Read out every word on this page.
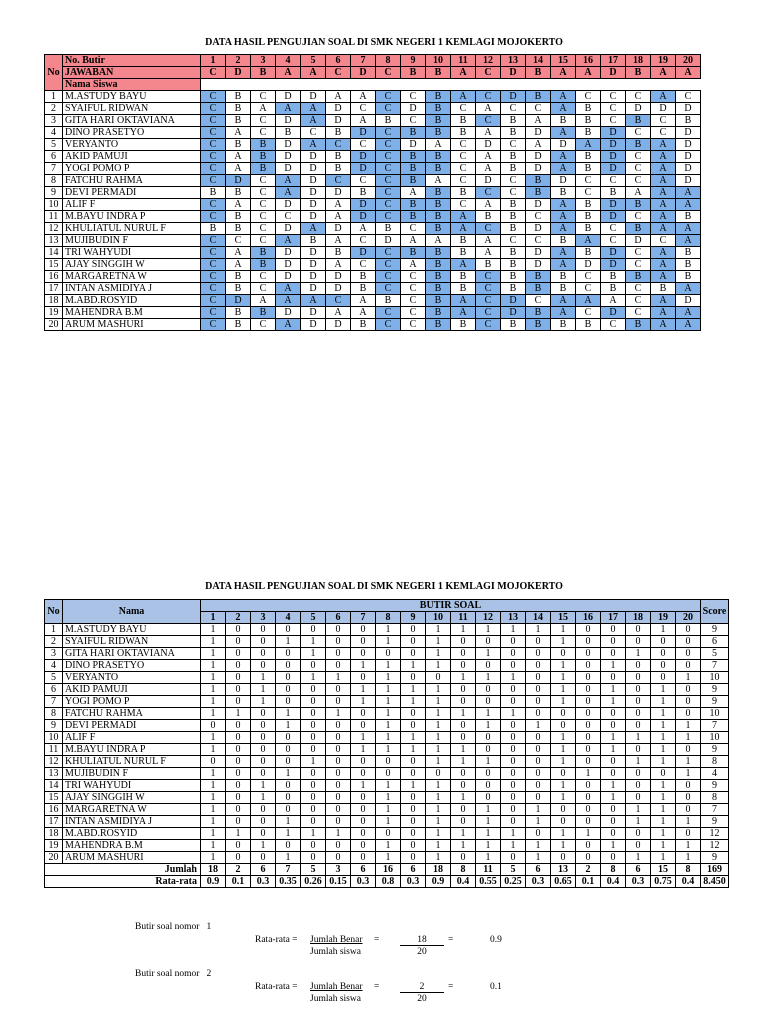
DATA HASIL PENGUJIAN SOAL DI SMK NEGERI 1 KEMLAGI MOJOKERTO
No	No. Butir	1	2	3	4	5	6	7	8	9	10	11	12	13	14	15	16	17	18	19	20
	JAWABAN	C	D	B	A	A	C	D	C	B	B	A	C	D	B	A	A	D	B	A	A
	Nama Siswa																				
1	M.ASTUDY BAYU	C	B	C	D	D	A	A	C	C	B	A	C	D	B	A	C	C	C	A	C
2	SYAIFUL RIDWAN	C	B	A	A	A	D	C	C	D	B	C	A	C	C	A	B	C	D	D	D
3	GITA HARI OKTAVIANA	C	B	C	D	A	D	A	B	C	B	B	C	B	A	B	B	C	B	C	B
4	DINO PRASETYO	C	A	C	B	C	B	D	C	B	B	B	A	B	D	A	B	D	C	C	D
5	VERYANTO	C	B	B	D	A	C	C	C	D	A	C	D	C	A	D	A	D	B	A	D
6	AKID PAMUJI	C	A	B	D	D	B	D	C	B	B	C	A	B	D	A	B	D	C	A	D
7	YOGI POMO P	C	A	B	D	D	B	D	C	B	B	C	A	B	D	A	B	D	C	A	D
8	FATCHU RAHMA	C	D	C	A	D	C	C	C	B	A	C	D	C	B	D	C	C	C	A	D
9	DEVI PERMADI	B	B	C	A	D	D	B	C	A	B	B	C	C	B	B	C	B	A	A	A
10	ALIF F	C	A	C	D	D	A	D	C	B	B	C	A	B	D	A	B	D	B	A	A
11	M.BAYU INDRA P	C	B	C	C	D	A	D	C	B	B	A	B	B	C	A	B	D	C	A	B
12	KHULIATUL NURUL F	B	B	C	D	A	D	A	B	C	B	A	C	B	D	A	B	C	B	A	A
13	MUJIBUDIN F	C	C	C	A	B	A	C	D	A	A	B	A	C	C	B	A	C	D	C	A
14	TRI WAHYUDI	C	A	B	D	D	B	D	C	B	B	B	A	B	D	A	B	D	C	A	B
15	AJAY SINGGIH W	C	A	B	D	D	A	C	C	A	B	A	B	B	D	A	D	D	C	A	B
16	MARGARETNA W	C	B	C	D	D	D	B	C	C	B	B	C	B	B	B	C	B	B	A	B
17	INTAN ASMIDIYA J	C	B	C	A	D	D	B	C	C	B	B	C	B	B	B	C	B	C	B	A
18	M.ABD.ROSYID	C	D	A	A	A	C	A	B	C	B	A	C	D	C	A	A	A	C	A	D
19	MAHENDRA B.M	C	B	B	D	D	A	A	C	C	B	A	C	D	B	A	C	D	C	A	A
20	ARUM MASHURI	C	B	C	A	D	D	B	C	C	B	B	C	B	B	B	B	C	B	A	A
DATA HASIL PENGUJIAN SOAL DI SMK NEGERI 1 KEMLAGI MOJOKERTO
No	Nama	BUTIR SOAL																				Score
		1	2	3	4	5	6	7	8	9	10	11	12	13	14	15	16	17	18	19	20	
1	M.ASTUDY BAYU	1	0	0	0	0	0	0	1	0	1	1	1	1	1	1	0	0	0	1	0	9
2	SYAIFUL RIDWAN	1	0	0	1	1	0	0	1	0	1	0	0	0	0	1	0	0	0	0	0	6
3	GITA HARI OKTAVIANA	1	0	0	0	1	0	0	0	0	1	0	1	0	0	0	0	0	1	0	0	5
4	DINO PRASETYO	1	0	0	0	0	0	1	1	1	1	0	0	0	0	1	0	1	0	0	0	7
5	VERYANTO	1	0	1	0	1	1	0	1	0	0	1	1	1	0	1	0	0	0	0	1	10
6	AKID PAMUJI	1	0	1	0	0	0	1	1	1	1	0	0	0	0	1	0	1	0	1	0	9
7	YOGI POMO P	1	0	1	0	0	0	1	1	1	1	0	0	0	0	1	0	1	0	1	0	9
8	FATCHU RAHMA	1	1	0	1	0	1	0	1	0	1	1	1	1	0	0	0	0	0	1	0	10
9	DEVI PERMADI	0	0	0	1	0	0	0	1	0	1	0	1	0	1	0	0	0	0	1	1	7
10	ALIF F	1	0	0	0	0	0	1	1	1	1	0	0	0	0	1	0	1	1	1	1	10
11	M.BAYU INDRA P	1	0	0	0	0	0	1	1	1	1	1	0	0	0	1	0	1	0	1	0	9
12	KHULIATUL NURUL F	0	0	0	0	1	0	0	0	0	1	1	1	0	0	1	0	0	1	1	1	8
13	MUJIBUDIN F	1	0	0	1	0	0	0	0	0	0	0	0	0	0	0	1	0	0	0	1	4
14	TRI WAHYUDI	1	0	1	0	0	0	1	1	1	1	0	0	0	0	1	0	1	0	1	0	9
15	AJAY SINGGIH W	1	0	1	0	0	0	0	1	0	1	1	0	0	0	1	0	1	0	1	0	8
16	MARGARETNA W	1	0	0	0	0	0	0	1	0	1	0	1	0	1	0	0	0	1	1	0	7
17	INTAN ASMIDIYA J	1	0	0	1	0	0	0	1	0	1	0	1	0	1	0	0	0	1	1	1	9
18	M.ABD.ROSYID	1	1	0	1	1	1	0	0	0	1	1	1	1	0	1	1	0	0	1	0	12
19	MAHENDRA B.M	1	0	1	0	0	0	0	1	0	1	1	1	1	1	1	0	1	0	1	1	12
20	ARUM MASHURI	1	0	0	1	0	0	0	1	0	1	0	1	0	1	0	0	0	1	1	1	9
Jumlah		18	2	6	7	5	3	6	16	6	18	8	11	5	6	13	2	8	6	15	8	169
Rata-rata		0.9	0.1	0.3	0.35	0.26	0.15	0.3	0.8	0.3	0.9	0.4	0.55	0.25	0.3	0.65	0.1	0.4	0.3	0.75	0.4	8.450
Butir soal nomor 1
Rata-rata = Jumlah Benar
Jumlah siswa
=	18
20
=	0.9
Butir soal nomor 2
Rata-rata = Jumlah Benar
Jumlah siswa
=	2
20
=	0.1
